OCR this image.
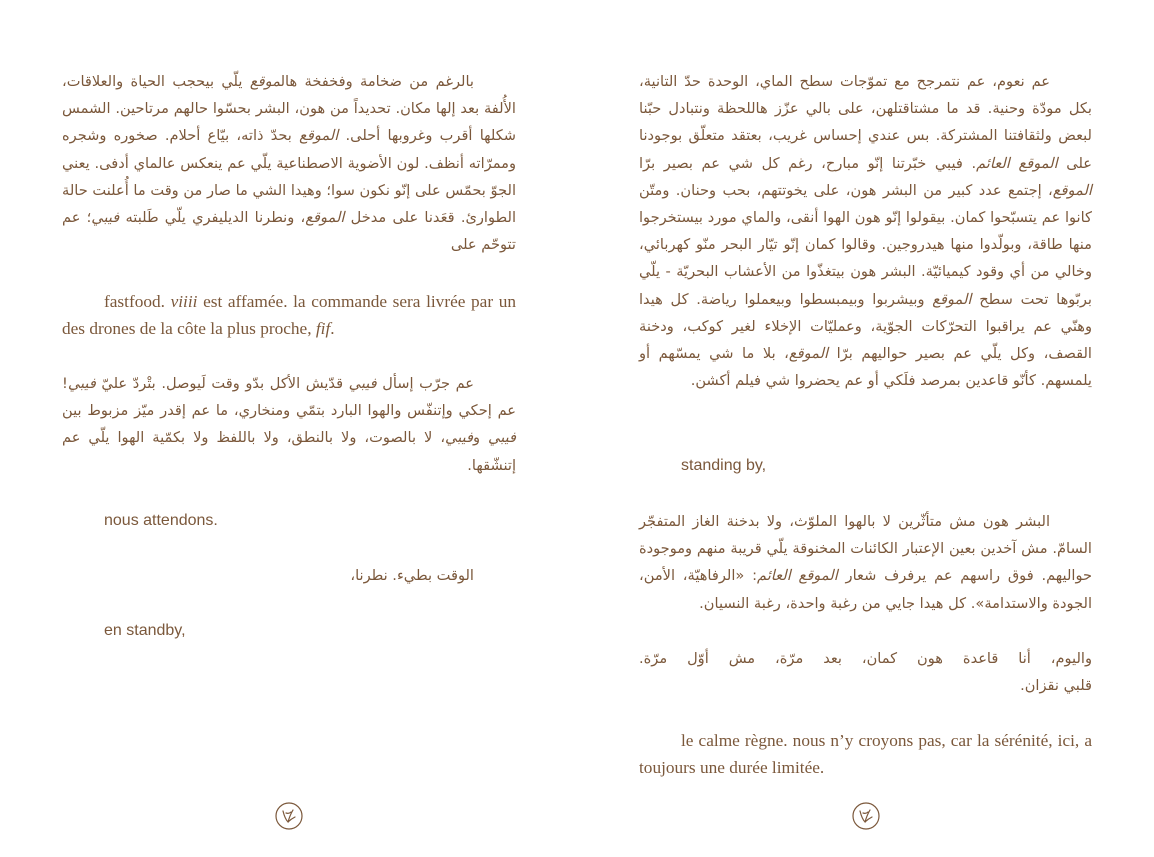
بالرغم من ضخامة وفخفخة هالموقع يلّي بيحجب الحياة والعلاقات، الأُلفة بعد إلها مكان. تحديداً من هون، البشر بحسّوا حالهم مرتاحين. الشمس شكلها أقرب وغروبها أحلى. الموقع بحدّ ذاته، بيّاع أحلام. صخوره وشجره وممرّاته أنظف. لون الأضوية الاصطناعية يلّي عم ينعكس عالماي أدفى. يعني الجوّ بحمّس على إنّو نكون سوا؛ وهيدا الشي ما صار من وقت ما أُعلنت حالة الطوارئ. قعَدنا على مدخل الموقع، ونطرنا الديليفري يلّي طَلبته فيبي؛ عم تتوحّم على

fastfood. viiii est affamée. la commande sera livrée par un des drones de la côte la plus proche, fif.

عم جرّب إسأل فيبي قدّيش الأكل بدّو وقت لَيوصل. بتْردّ عليّ فيبي! عم إحكي وإتنفّس والهوا البارد بتمّي ومنخاري، ما عم إقدر ميّز مزبوط بين فيبي وفيبي، لا بالصوت، ولا بالنطق، ولا باللفظ ولا بكمّية الهوا يلّي عم إتنشّقها.

nous attendons.

الوقت بطيء. نطرنا،

en standby,

عم نعوم، عم نتمرجح مع تموّجات سطح الماي، الوحدة حدّ التانية، بكل مودّة وحنية. قد ما مشتاقتلهن، على بالي عزّز هاللحظة ونتبادل حبّنا لبعض ولثقافتنا المشتركة. بس عندي إحساس غريب، بعتقد متعلّق بوجودنا على الموقع العائم. فيبي خبّرتنا إنّو مبارح، رغم كل شي عم بصير برّا الموقع، إجتمع عدد كبير من البشر هون، على يخوتتهم، بحب وحنان. ومتّن كانوا عم يتسبّحوا كمان. بيقولوا إنّو هون الهوا أنقى، والماي مورد بيستخرجوا منها طاقة، وبولّدوا منها هيدروجين. وقالوا كمان إنّو تيّار البحر منّو كهربائي، وخالي من أي وقود كيميائيّة. البشر هون بيتغذّوا من الأعشاب البحريّة - يلّي بربّوها تحت سطح الموقع وبيشربوا وبيمبسطوا وبيعملوا رياضة. كل هيدا وهنّي عم يراقبوا التحرّكات الجوّية، وعمليّات الإخلاء لغير كوكب، ودخنة القصف، وكل يلّي عم بصير حواليهم برّا الموقع، بلا ما شي يمسّهم أو يلمسهم. كأنّو قاعدين بمرصد فلَكي أو عم يحضروا شي فيلم أكشن.

standing by,

البشر هون مش متأثّرين لا بالهوا الملوّث، ولا بدخنة الغاز المتفجّر السامّ. مش آخدين بعين الإعتبار الكائنات المخنوقة يلّي قريبة منهم وموجودة حواليهم. فوق راسهم عم يرفرف شعار الموقع العائم: «الرفاهيّة، الأمن، الجودة والاستدامة». كل هيدا جايي من رغبة واحدة، رغبة النسيان.

واليوم، أنا قاعدة هون كمان، بعد مرّة، مش أوّل مرّة.

قلبي نقزان.

le calme règne. nous n’y croyons pas, car la sérénité, ici, a toujours une durée limitée.
